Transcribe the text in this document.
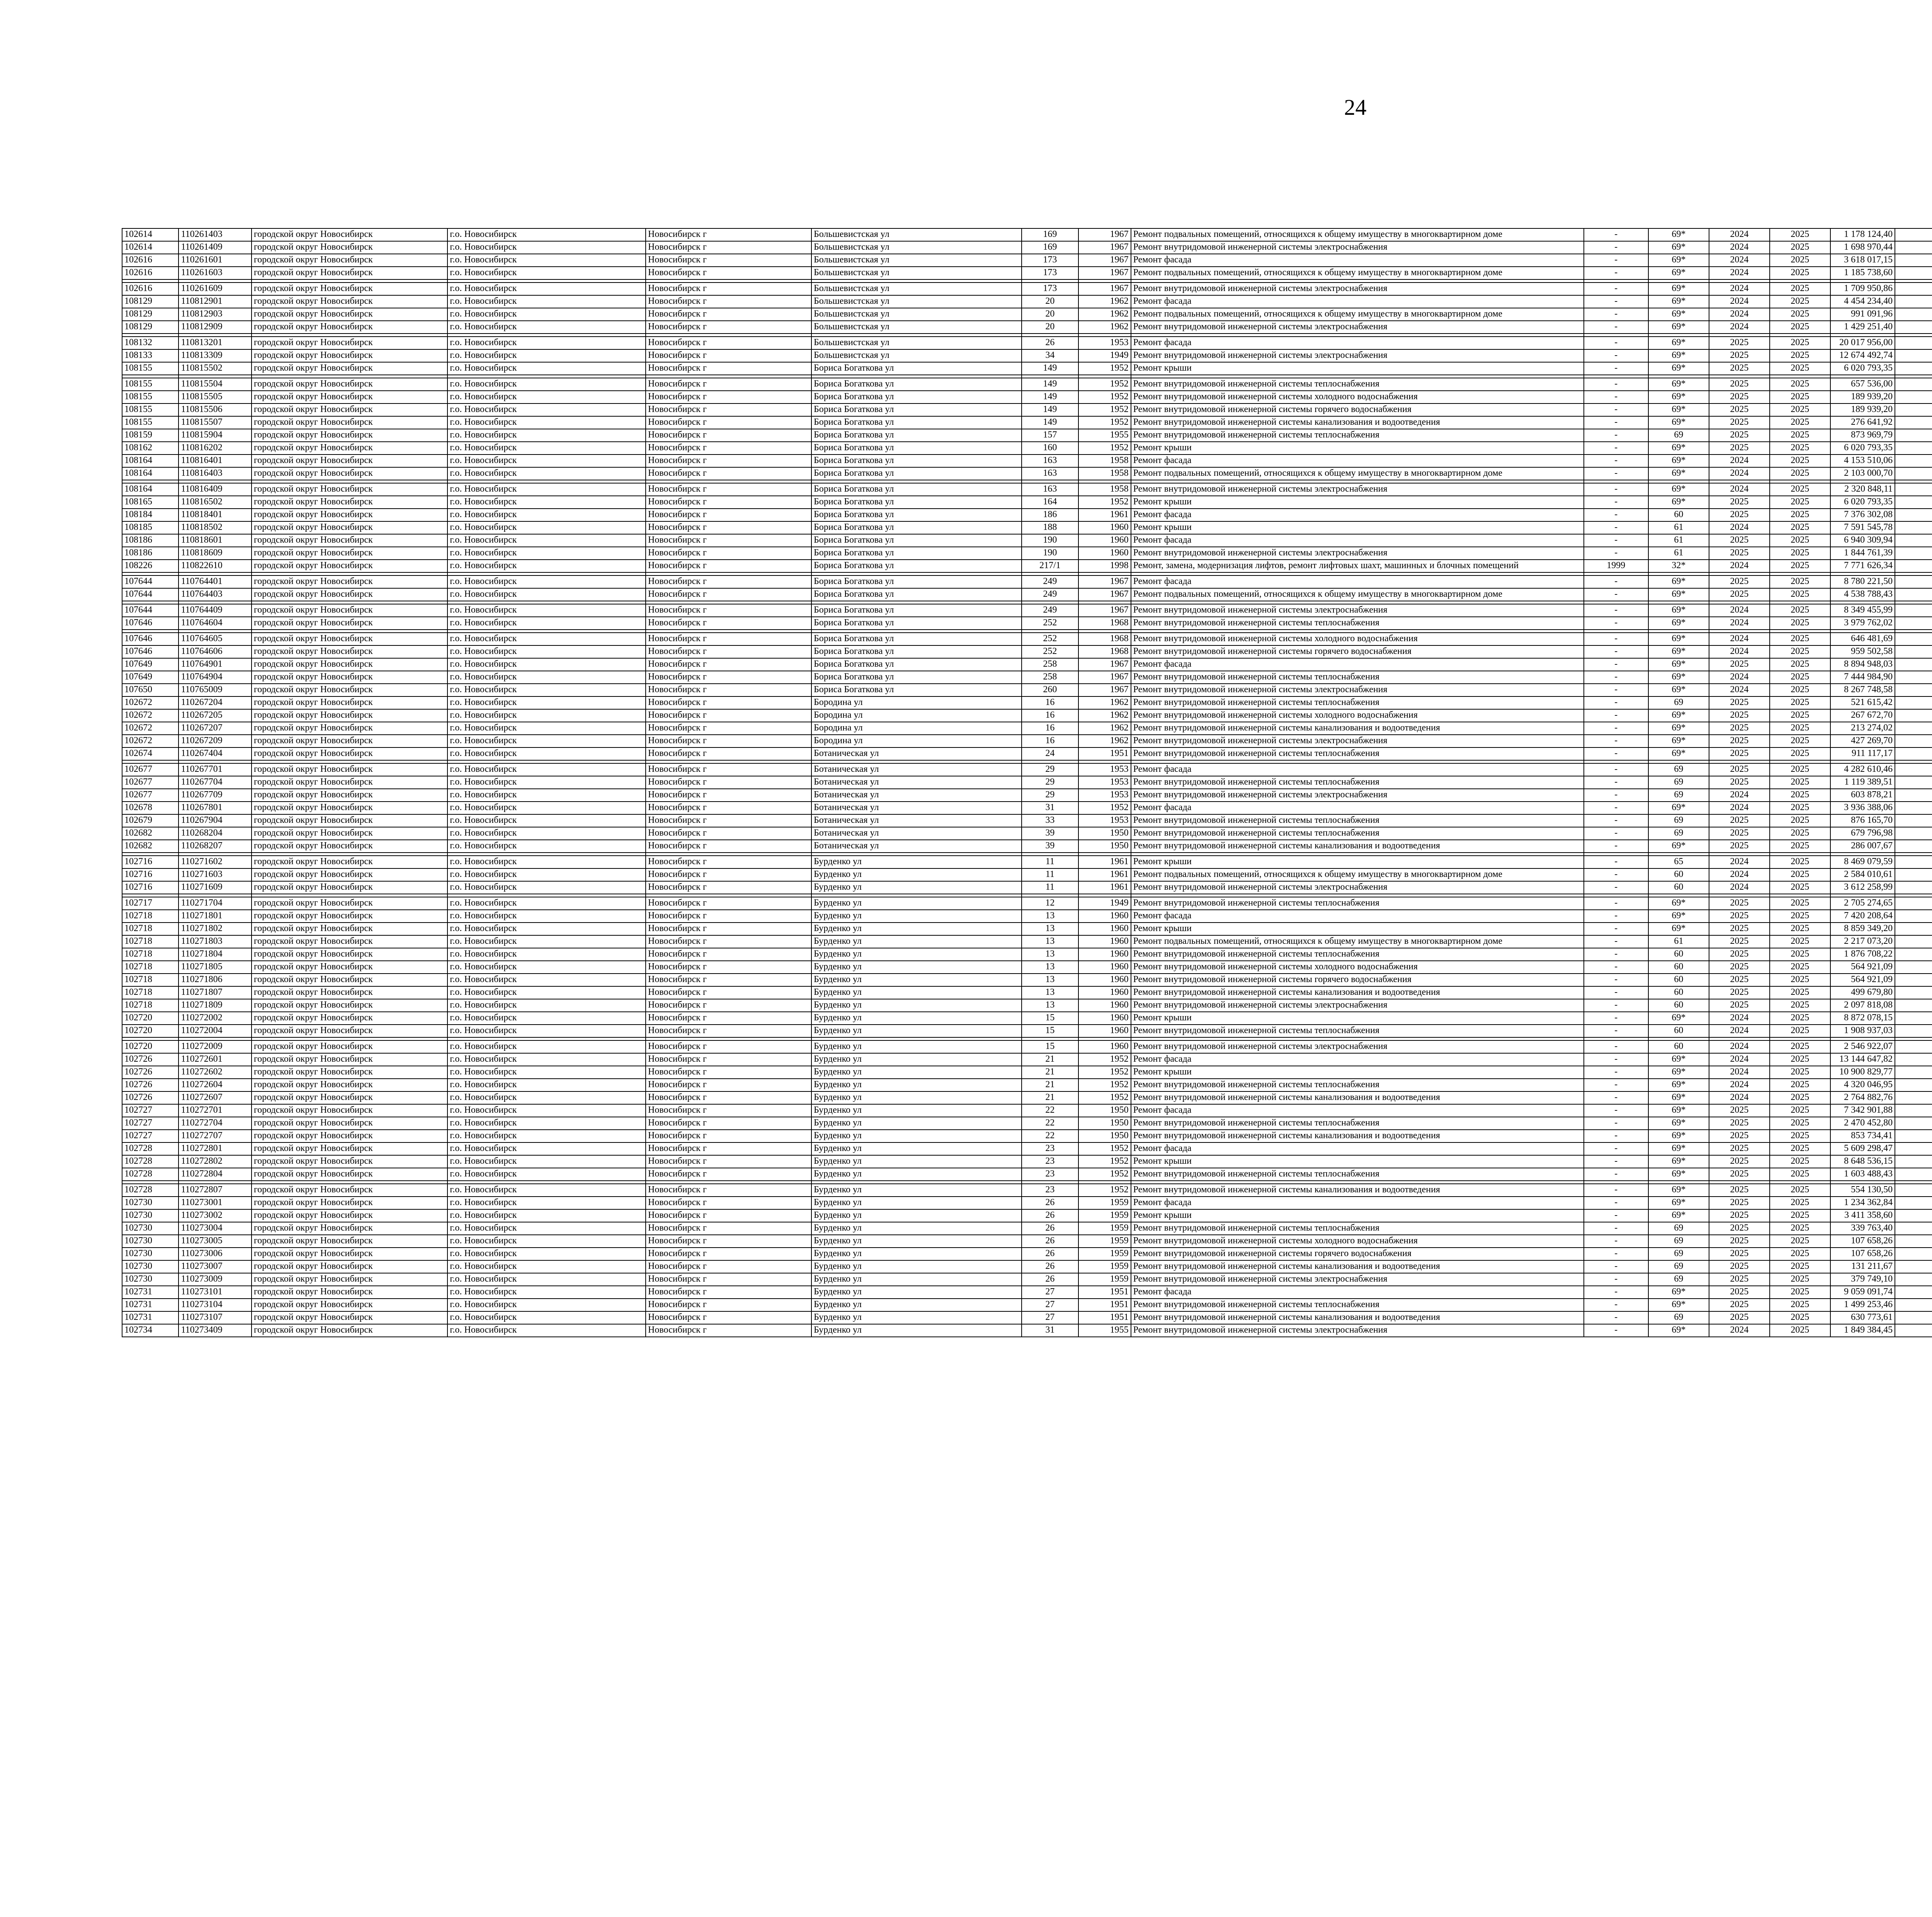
24
102614	110261403	городской округ Новосибирск	г.о. Новосибирск	Новосибирск г	Большевистская ул	169	1967	Ремонт подвальных помещений, относящихся к общему имуществу в многоквартирном доме	-	69*	2024	2025	1 178 124,40							
102614	110261409	городской округ Новосибирск	г.о. Новосибирск	Новосибирск г	Большевистская ул	169	1967	Ремонт внутридомовой инженерной системы электроснабжения	-	69*	2024	2025	1 698 970,44							
102616	110261601	городской округ Новосибирск	г.о. Новосибирск	Новосибирск г	Большевистская ул	173	1967	Ремонт фасада	-	69*	2024	2025	3 618 017,15							
102616	110261603	городской округ Новосибирск	г.о. Новосибирск	Новосибирск г	Большевистская ул	173	1967	Ремонт подвальных помещений, относящихся к общему имуществу в многоквартирном доме	-	69*	2024	2025	1 185 738,60							

102616	110261609	городской округ Новосибирск	г.о. Новосибирск	Новосибирск г	Большевистская ул	173	1967	Ремонт внутридомовой инженерной системы электроснабжения	-	69*	2024	2025	1 709 950,86							
108129	110812901	городской округ Новосибирск	г.о. Новосибирск	Новосибирск г	Большевистская ул	20	1962	Ремонт фасада	-	69*	2024	2025	4 454 234,40							
108129	110812903	городской округ Новосибирск	г.о. Новосибирск	Новосибирск г	Большевистская ул	20	1962	Ремонт подвальных помещений, относящихся к общему имуществу в многоквартирном доме	-	69*	2024	2025	991 091,96							
108129	110812909	городской округ Новосибирск	г.о. Новосибирск	Новосибирск г	Большевистская ул	20	1962	Ремонт внутридомовой инженерной системы электроснабжения	-	69*	2024	2025	1 429 251,40							

108132	110813201	городской округ Новосибирск	г.о. Новосибирск	Новосибирск г	Большевистская ул	26	1953	Ремонт фасада	-	69*	2025	2025	20 017 956,00							
108133	110813309	городской округ Новосибирск	г.о. Новосибирск	Новосибирск г	Большевистская ул	34	1949	Ремонт внутридомовой инженерной системы электроснабжения	-	69*	2025	2025	12 674 492,74							
108155	110815502	городской округ Новосибирск	г.о. Новосибирск	Новосибирск г	Бориса Богаткова ул	149	1952	Ремонт крыши	-	69*	2025	2025	6 020 793,35							

108155	110815504	городской округ Новосибирск	г.о. Новосибирск	Новосибирск г	Бориса Богаткова ул	149	1952	Ремонт внутридомовой инженерной системы теплоснабжения	-	69*	2025	2025	657 536,00							
108155	110815505	городской округ Новосибирск	г.о. Новосибирск	Новосибирск г	Бориса Богаткова ул	149	1952	Ремонт внутридомовой инженерной системы холодного водоснабжения	-	69*	2025	2025	189 939,20							
108155	110815506	городской округ Новосибирск	г.о. Новосибирск	Новосибирск г	Бориса Богаткова ул	149	1952	Ремонт внутридомовой инженерной системы горячего водоснабжения	-	69*	2025	2025	189 939,20							
108155	110815507	городской округ Новосибирск	г.о. Новосибирск	Новосибирск г	Бориса Богаткова ул	149	1952	Ремонт внутридомовой инженерной системы канализования и водоотведения	-	69*	2025	2025	276 641,92							
108159	110815904	городской округ Новосибирск	г.о. Новосибирск	Новосибирск г	Бориса Богаткова ул	157	1955	Ремонт внутридомовой инженерной системы теплоснабжения	-	69	2025	2025	873 969,79							
108162	110816202	городской округ Новосибирск	г.о. Новосибирск	Новосибирск г	Бориса Богаткова ул	160	1952	Ремонт крыши	-	69*	2025	2025	6 020 793,35							
108164	110816401	городской округ Новосибирск	г.о. Новосибирск	Новосибирск г	Бориса Богаткова ул	163	1958	Ремонт фасада	-	69*	2024	2025	4 153 510,06							
108164	110816403	городской округ Новосибирск	г.о. Новосибирск	Новосибирск г	Бориса Богаткова ул	163	1958	Ремонт подвальных помещений, относящихся к общему имуществу в многоквартирном доме	-	69*	2024	2025	2 103 000,70							

108164	110816409	городской округ Новосибирск	г.о. Новосибирск	Новосибирск г	Бориса Богаткова ул	163	1958	Ремонт внутридомовой инженерной системы электроснабжения	-	69*	2024	2025	2 320 848,11							
108165	110816502	городской округ Новосибирск	г.о. Новосибирск	Новосибирск г	Бориса Богаткова ул	164	1952	Ремонт крыши	-	69*	2025	2025	6 020 793,35							
108184	110818401	городской округ Новосибирск	г.о. Новосибирск	Новосибирск г	Бориса Богаткова ул	186	1961	Ремонт фасада	-	60	2025	2025	7 376 302,08							
108185	110818502	городской округ Новосибирск	г.о. Новосибирск	Новосибирск г	Бориса Богаткова ул	188	1960	Ремонт крыши	-	61	2024	2025	7 591 545,78							
108186	110818601	городской округ Новосибирск	г.о. Новосибирск	Новосибирск г	Бориса Богаткова ул	190	1960	Ремонт фасада	-	61	2025	2025	6 940 309,94							
108186	110818609	городской округ Новосибирск	г.о. Новосибирск	Новосибирск г	Бориса Богаткова ул	190	1960	Ремонт внутридомовой инженерной системы электроснабжения	-	61	2025	2025	1 844 761,39							
108226	110822610	городской округ Новосибирск	г.о. Новосибирск	Новосибирск г	Бориса Богаткова ул	217/1	1998	Ремонт, замена, модернизация лифтов, ремонт лифтовых шахт, машинных и блочных помещений	1999	32*	2024	2025	7 771 626,34							

107644	110764401	городской округ Новосибирск	г.о. Новосибирск	Новосибирск г	Бориса Богаткова ул	249	1967	Ремонт фасада	-	69*	2025	2025	8 780 221,50							
107644	110764403	городской округ Новосибирск	г.о. Новосибирск	Новосибирск г	Бориса Богаткова ул	249	1967	Ремонт подвальных помещений, относящихся к общему имуществу в многоквартирном доме	-	69*	2025	2025	4 538 788,43							

107644	110764409	городской округ Новосибирск	г.о. Новосибирск	Новосибирск г	Бориса Богаткова ул	249	1967	Ремонт внутридомовой инженерной системы электроснабжения	-	69*	2024	2025	8 349 455,99							
107646	110764604	городской округ Новосибирск	г.о. Новосибирск	Новосибирск г	Бориса Богаткова ул	252	1968	Ремонт внутридомовой инженерной системы теплоснабжения	-	69*	2024	2025	3 979 762,02							

107646	110764605	городской округ Новосибирск	г.о. Новосибирск	Новосибирск г	Бориса Богаткова ул	252	1968	Ремонт внутридомовой инженерной системы холодного водоснабжения	-	69*	2024	2025	646 481,69							
107646	110764606	городской округ Новосибирск	г.о. Новосибирск	Новосибирск г	Бориса Богаткова ул	252	1968	Ремонт внутридомовой инженерной системы горячего водоснабжения	-	69*	2024	2025	959 502,58							
107649	110764901	городской округ Новосибирск	г.о. Новосибирск	Новосибирск г	Бориса Богаткова ул	258	1967	Ремонт фасада	-	69*	2025	2025	8 894 948,03							
107649	110764904	городской округ Новосибирск	г.о. Новосибирск	Новосибирск г	Бориса Богаткова ул	258	1967	Ремонт внутридомовой инженерной системы теплоснабжения	-	69*	2024	2025	7 444 984,90							
107650	110765009	городской округ Новосибирск	г.о. Новосибирск	Новосибирск г	Бориса Богаткова ул	260	1967	Ремонт внутридомовой инженерной системы электроснабжения	-	69*	2024	2025	8 267 748,58							
102672	110267204	городской округ Новосибирск	г.о. Новосибирск	Новосибирск г	Бородина ул	16	1962	Ремонт внутридомовой инженерной системы теплоснабжения	-	69	2025	2025	521 615,42							
102672	110267205	городской округ Новосибирск	г.о. Новосибирск	Новосибирск г	Бородина ул	16	1962	Ремонт внутридомовой инженерной системы холодного водоснабжения	-	69*	2025	2025	267 672,70							
102672	110267207	городской округ Новосибирск	г.о. Новосибирск	Новосибирск г	Бородина ул	16	1962	Ремонт внутридомовой инженерной системы канализования и водоотведения	-	69*	2025	2025	213 274,02							
102672	110267209	городской округ Новосибирск	г.о. Новосибирск	Новосибирск г	Бородина ул	16	1962	Ремонт внутридомовой инженерной системы электроснабжения	-	69*	2025	2025	427 269,70							
102674	110267404	городской округ Новосибирск	г.о. Новосибирск	Новосибирск г	Ботаническая ул	24	1951	Ремонт внутридомовой инженерной системы теплоснабжения	-	69*	2025	2025	911 117,17							

102677	110267701	городской округ Новосибирск	г.о. Новосибирск	Новосибирск г	Ботаническая ул	29	1953	Ремонт фасада	-	69	2025	2025	4 282 610,46							
102677	110267704	городской округ Новосибирск	г.о. Новосибирск	Новосибирск г	Ботаническая ул	29	1953	Ремонт внутридомовой инженерной системы теплоснабжения	-	69	2025	2025	1 119 389,51							
102677	110267709	городской округ Новосибирск	г.о. Новосибирск	Новосибирск г	Ботаническая ул	29	1953	Ремонт внутридомовой инженерной системы электроснабжения	-	69	2024	2025	603 878,21							
102678	110267801	городской округ Новосибирск	г.о. Новосибирск	Новосибирск г	Ботаническая ул	31	1952	Ремонт фасада	-	69*	2024	2025	3 936 388,06							
102679	110267904	городской округ Новосибирск	г.о. Новосибирск	Новосибирск г	Ботаническая ул	33	1953	Ремонт внутридомовой инженерной системы теплоснабжения	-	69	2025	2025	876 165,70							
102682	110268204	городской округ Новосибирск	г.о. Новосибирск	Новосибирск г	Ботаническая ул	39	1950	Ремонт внутридомовой инженерной системы теплоснабжения	-	69	2025	2025	679 796,98							
102682	110268207	городской округ Новосибирск	г.о. Новосибирск	Новосибирск г	Ботаническая ул	39	1950	Ремонт внутридомовой инженерной системы канализования и водоотведения	-	69*	2025	2025	286 007,67							

102716	110271602	городской округ Новосибирск	г.о. Новосибирск	Новосибирск г	Бурденко ул	11	1961	Ремонт крыши	-	65	2024	2025	8 469 079,59							
102716	110271603	городской округ Новосибирск	г.о. Новосибирск	Новосибирск г	Бурденко ул	11	1961	Ремонт подвальных помещений, относящихся к общему имуществу в многоквартирном доме	-	60	2024	2025	2 584 010,61							
102716	110271609	городской округ Новосибирск	г.о. Новосибирск	Новосибирск г	Бурденко ул	11	1961	Ремонт внутридомовой инженерной системы электроснабжения	-	60	2024	2025	3 612 258,99							

102717	110271704	городской округ Новосибирск	г.о. Новосибирск	Новосибирск г	Бурденко ул	12	1949	Ремонт внутридомовой инженерной системы теплоснабжения	-	69*	2025	2025	2 705 274,65							
102718	110271801	городской округ Новосибирск	г.о. Новосибирск	Новосибирск г	Бурденко ул	13	1960	Ремонт фасада	-	69*	2025	2025	7 420 208,64							
102718	110271802	городской округ Новосибирск	г.о. Новосибирск	Новосибирск г	Бурденко ул	13	1960	Ремонт крыши	-	69*	2025	2025	8 859 349,20							
102718	110271803	городской округ Новосибирск	г.о. Новосибирск	Новосибирск г	Бурденко ул	13	1960	Ремонт подвальных помещений, относящихся к общему имуществу в многоквартирном доме	-	61	2025	2025	2 217 073,20							
102718	110271804	городской округ Новосибирск	г.о. Новосибирск	Новосибирск г	Бурденко ул	13	1960	Ремонт внутридомовой инженерной системы теплоснабжения	-	60	2025	2025	1 876 708,22							
102718	110271805	городской округ Новосибирск	г.о. Новосибирск	Новосибирск г	Бурденко ул	13	1960	Ремонт внутридомовой инженерной системы холодного водоснабжения	-	60	2025	2025	564 921,09							
102718	110271806	городской округ Новосибирск	г.о. Новосибирск	Новосибирск г	Бурденко ул	13	1960	Ремонт внутридомовой инженерной системы горячего водоснабжения	-	60	2025	2025	564 921,09							
102718	110271807	городской округ Новосибирск	г.о. Новосибирск	Новосибирск г	Бурденко ул	13	1960	Ремонт внутридомовой инженерной системы канализования и водоотведения	-	60	2025	2025	499 679,80							
102718	110271809	городской округ Новосибирск	г.о. Новосибирск	Новосибирск г	Бурденко ул	13	1960	Ремонт внутридомовой инженерной системы электроснабжения	-	60	2025	2025	2 097 818,08							
102720	110272002	городской округ Новосибирск	г.о. Новосибирск	Новосибирск г	Бурденко ул	15	1960	Ремонт крыши	-	69*	2024	2025	8 872 078,15							
102720	110272004	городской округ Новосибирск	г.о. Новосибирск	Новосибирск г	Бурденко ул	15	1960	Ремонт внутридомовой инженерной системы теплоснабжения	-	60	2024	2025	1 908 937,03							

102720	110272009	городской округ Новосибирск	г.о. Новосибирск	Новосибирск г	Бурденко ул	15	1960	Ремонт внутридомовой инженерной системы электроснабжения	-	60	2024	2025	2 546 922,07							
102726	110272601	городской округ Новосибирск	г.о. Новосибирск	Новосибирск г	Бурденко ул	21	1952	Ремонт фасада	-	69*	2024	2025	13 144 647,82							
102726	110272602	городской округ Новосибирск	г.о. Новосибирск	Новосибирск г	Бурденко ул	21	1952	Ремонт крыши	-	69*	2024	2025	10 900 829,77							
102726	110272604	городской округ Новосибирск	г.о. Новосибирск	Новосибирск г	Бурденко ул	21	1952	Ремонт внутридомовой инженерной системы теплоснабжения	-	69*	2024	2025	4 320 046,95							
102726	110272607	городской округ Новосибирск	г.о. Новосибирск	Новосибирск г	Бурденко ул	21	1952	Ремонт внутридомовой инженерной системы канализования и водоотведения	-	69*	2024	2025	2 764 882,76							
102727	110272701	городской округ Новосибирск	г.о. Новосибирск	Новосибирск г	Бурденко ул	22	1950	Ремонт фасада	-	69*	2025	2025	7 342 901,88							
102727	110272704	городской округ Новосибирск	г.о. Новосибирск	Новосибирск г	Бурденко ул	22	1950	Ремонт внутридомовой инженерной системы теплоснабжения	-	69*	2025	2025	2 470 452,80							
102727	110272707	городской округ Новосибирск	г.о. Новосибирск	Новосибирск г	Бурденко ул	22	1950	Ремонт внутридомовой инженерной системы канализования и водоотведения	-	69*	2025	2025	853 734,41							
102728	110272801	городской округ Новосибирск	г.о. Новосибирск	Новосибирск г	Бурденко ул	23	1952	Ремонт фасада	-	69*	2025	2025	5 609 298,47							
102728	110272802	городской округ Новосибирск	г.о. Новосибирск	Новосибирск г	Бурденко ул	23	1952	Ремонт крыши	-	69*	2025	2025	8 648 536,15							
102728	110272804	городской округ Новосибирск	г.о. Новосибирск	Новосибирск г	Бурденко ул	23	1952	Ремонт внутридомовой инженерной системы теплоснабжения	-	69*	2025	2025	1 603 488,43							

102728	110272807	городской округ Новосибирск	г.о. Новосибирск	Новосибирск г	Бурденко ул	23	1952	Ремонт внутридомовой инженерной системы канализования и водоотведения	-	69*	2025	2025	554 130,50							
102730	110273001	городской округ Новосибирск	г.о. Новосибирск	Новосибирск г	Бурденко ул	26	1959	Ремонт фасада	-	69*	2025	2025	1 234 362,84							
102730	110273002	городской округ Новосибирск	г.о. Новосибирск	Новосибирск г	Бурденко ул	26	1959	Ремонт крыши	-	69*	2025	2025	3 411 358,60							
102730	110273004	городской округ Новосибирск	г.о. Новосибирск	Новосибирск г	Бурденко ул	26	1959	Ремонт внутридомовой инженерной системы теплоснабжения	-	69	2025	2025	339 763,40							
102730	110273005	городской округ Новосибирск	г.о. Новосибирск	Новосибирск г	Бурденко ул	26	1959	Ремонт внутридомовой инженерной системы холодного водоснабжения	-	69	2025	2025	107 658,26							
102730	110273006	городской округ Новосибирск	г.о. Новосибирск	Новосибирск г	Бурденко ул	26	1959	Ремонт внутридомовой инженерной системы горячего водоснабжения	-	69	2025	2025	107 658,26							
102730	110273007	городской округ Новосибирск	г.о. Новосибирск	Новосибирск г	Бурденко ул	26	1959	Ремонт внутридомовой инженерной системы канализования и водоотведения	-	69	2025	2025	131 211,67							
102730	110273009	городской округ Новосибирск	г.о. Новосибирск	Новосибирск г	Бурденко ул	26	1959	Ремонт внутридомовой инженерной системы электроснабжения	-	69	2025	2025	379 749,10							
102731	110273101	городской округ Новосибирск	г.о. Новосибирск	Новосибирск г	Бурденко ул	27	1951	Ремонт фасада	-	69*	2025	2025	9 059 091,74							
102731	110273104	городской округ Новосибирск	г.о. Новосибирск	Новосибирск г	Бурденко ул	27	1951	Ремонт внутридомовой инженерной системы теплоснабжения	-	69*	2025	2025	1 499 253,46							
102731	110273107	городской округ Новосибирск	г.о. Новосибирск	Новосибирск г	Бурденко ул	27	1951	Ремонт внутридомовой инженерной системы канализования и водоотведения	-	69	2025	2025	630 773,61							
102734	110273409	городской округ Новосибирск	г.о. Новосибирск	Новосибирск г	Бурденко ул	31	1955	Ремонт внутридомовой инженерной системы электроснабжения	-	69*	2024	2025	1 849 384,45							
